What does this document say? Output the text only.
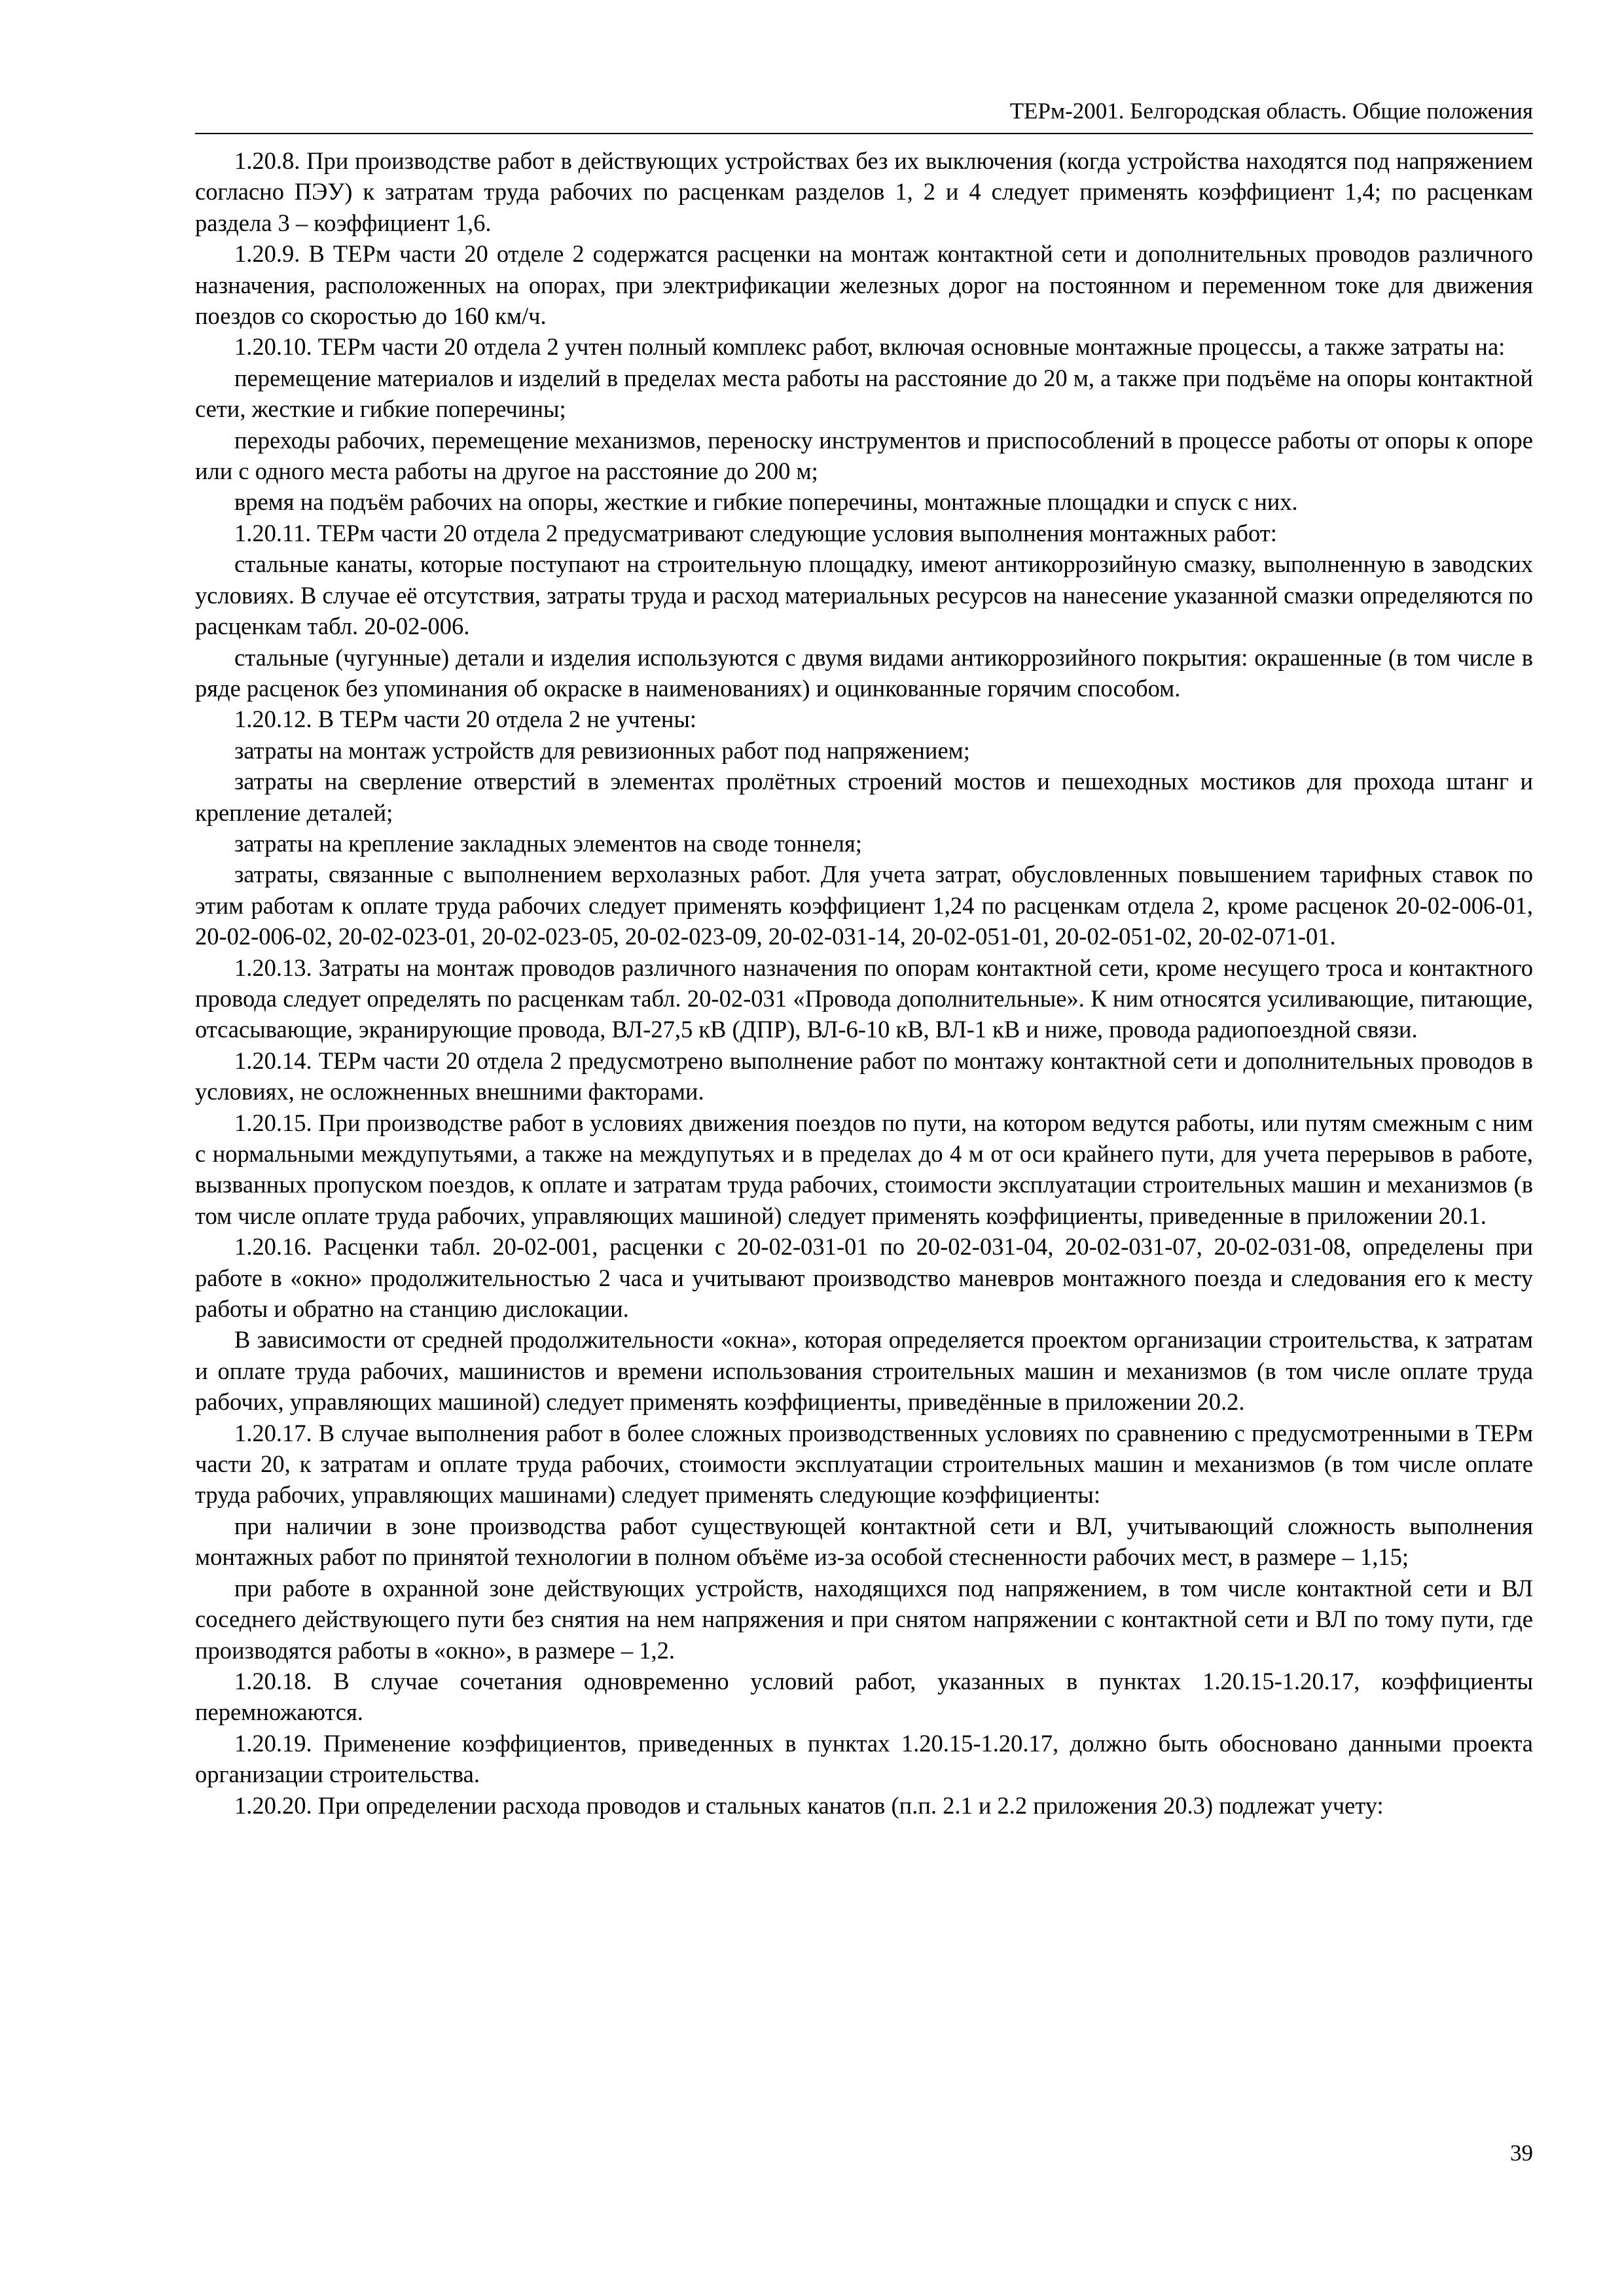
ТЕРм-2001. Белгородская область. Общие положения

1.20.8. При производстве работ в действующих устройствах без их выключения (когда устройства находятся под напряжением согласно ПЭУ) к затратам труда рабочих по расценкам разделов 1, 2 и 4 следует применять коэффициент 1,4; по расценкам раздела 3 – коэффициент 1,6.

1.20.9. В ТЕРм части 20 отделе 2 содержатся расценки на монтаж контактной сети и дополнительных проводов различного назначения, расположенных на опорах, при электрификации железных дорог на постоянном и переменном токе для движения поездов со скоростью до 160 км/ч.

1.20.10. ТЕРм части 20 отдела 2 учтен полный комплекс работ, включая основные монтажные процессы, а также затраты на:

перемещение материалов и изделий в пределах места работы на расстояние до 20 м, а также при подъёме на опоры контактной сети, жесткие и гибкие поперечины;

переходы рабочих, перемещение механизмов, переноску инструментов и приспособлений в процессе работы от опоры к опоре или с одного места работы на другое на расстояние до 200 м;

время на подъём рабочих на опоры, жесткие и гибкие поперечины, монтажные площадки и спуск с них.

1.20.11. ТЕРм части 20 отдела 2 предусматривают следующие условия выполнения монтажных работ:

стальные канаты, которые поступают на строительную площадку, имеют антикоррозийную смазку, выполненную в заводских условиях. В случае её отсутствия, затраты труда и расход материальных ресурсов на нанесение указанной смазки определяются по расценкам табл. 20-02-006.

стальные (чугунные) детали и изделия используются с двумя видами антикоррозийного покрытия: окрашенные (в том числе в ряде расценок без упоминания об окраске в наименованиях) и оцинкованные горячим способом.

1.20.12. В ТЕРм части 20 отдела 2 не учтены:

затраты на монтаж устройств для ревизионных работ под напряжением;

затраты на сверление отверстий в элементах пролётных строений мостов и пешеходных мостиков для прохода штанг и крепление деталей;

затраты на крепление закладных элементов на своде тоннеля;

затраты, связанные с выполнением верхолазных работ. Для учета затрат, обусловленных повышением тарифных ставок по этим работам к оплате труда рабочих следует применять коэффициент 1,24 по расценкам отдела 2, кроме расценок 20-02-006-01, 20-02-006-02, 20-02-023-01, 20-02-023-05, 20-02-023-09, 20-02-031-14, 20-02-051-01, 20-02-051-02, 20-02-071-01.

1.20.13. Затраты на монтаж проводов различного назначения по опорам контактной сети, кроме несущего троса и контактного провода следует определять по расценкам табл. 20-02-031 «Провода дополнительные». К ним относятся усиливающие, питающие, отсасывающие, экранирующие провода, ВЛ-27,5 кВ (ДПР), ВЛ-6-10 кВ, ВЛ-1 кВ и ниже, провода радиопоездной связи.

1.20.14. ТЕРм части 20 отдела 2 предусмотрено выполнение работ по монтажу контактной сети и дополнительных проводов в условиях, не осложненных внешними факторами.

1.20.15. При производстве работ в условиях движения поездов по пути, на котором ведутся работы, или путям смежным с ним с нормальными междупутьями, а также на междупутьях и в пределах до 4 м от оси крайнего пути, для учета перерывов в работе, вызванных пропуском поездов, к оплате и затратам труда рабочих, стоимости эксплуатации строительных машин и механизмов (в том числе оплате труда рабочих, управляющих машиной) следует применять коэффициенты, приведенные в приложении 20.1.

1.20.16. Расценки табл. 20-02-001, расценки с 20-02-031-01 по 20-02-031-04, 20-02-031-07, 20-02-031-08, определены при работе в «окно» продолжительностью 2 часа и учитывают производство маневров монтажного поезда и следования его к месту работы и обратно на станцию дислокации.

В зависимости от средней продолжительности «окна», которая определяется проектом организации строительства, к затратам и оплате труда рабочих, машинистов и времени использования строительных машин и механизмов (в том числе оплате труда рабочих, управляющих машиной) следует применять коэффициенты, приведённые в приложении 20.2.

1.20.17. В случае выполнения работ в более сложных производственных условиях по сравнению с предусмотренными в ТЕРм части 20, к затратам и оплате труда рабочих, стоимости эксплуатации строительных машин и механизмов (в том числе оплате труда рабочих, управляющих машинами) следует применять следующие коэффициенты:

при наличии в зоне производства работ существующей контактной сети и ВЛ, учитывающий сложность выполнения монтажных работ по принятой технологии в полном объёме из-за особой стесненности рабочих мест, в размере – 1,15;

при работе в охранной зоне действующих устройств, находящихся под напряжением, в том числе контактной сети и ВЛ соседнего действующего пути без снятия на нем напряжения и при снятом напряжении с контактной сети и ВЛ по тому пути, где производятся работы в «окно», в размере – 1,2.

1.20.18. В случае сочетания одновременно условий работ, указанных в пунктах 1.20.15-1.20.17, коэффициенты перемножаются.

1.20.19. Применение коэффициентов, приведенных в пунктах 1.20.15-1.20.17, должно быть обосновано данными проекта организации строительства.

1.20.20. При определении расхода проводов и стальных канатов (п.п. 2.1 и 2.2 приложения 20.3) подлежат учету:

39
